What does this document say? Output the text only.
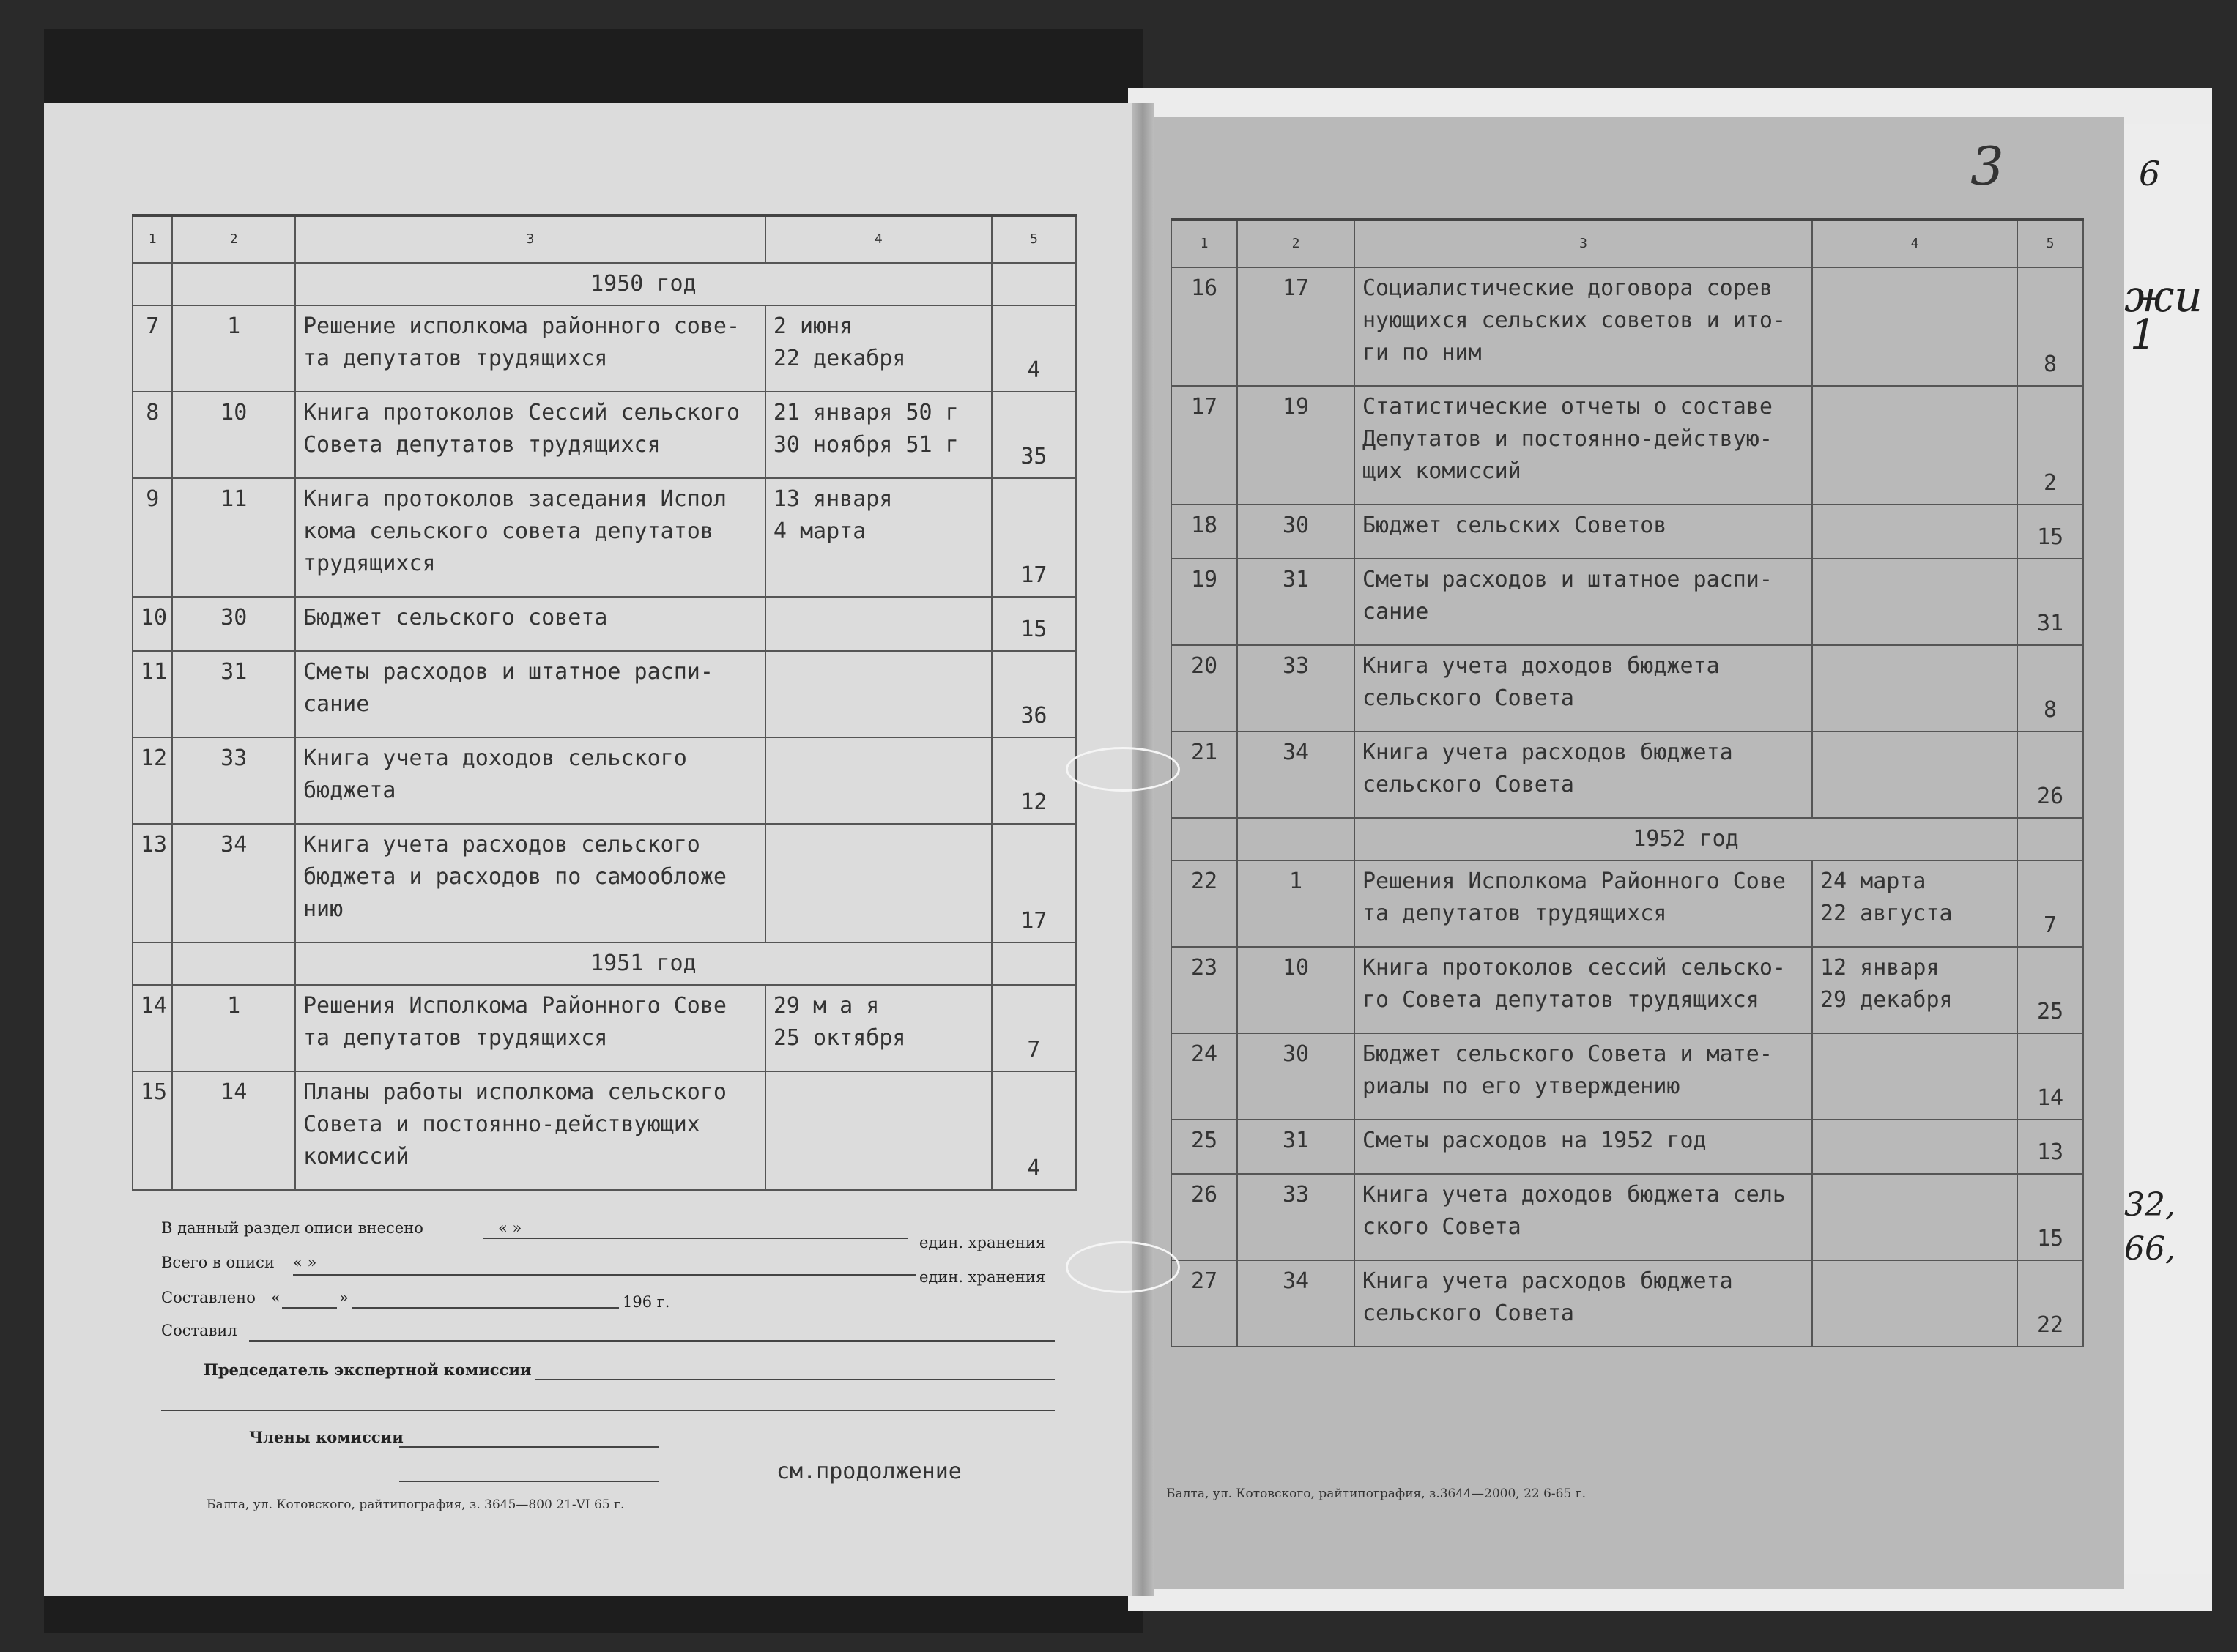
6
жи
1
32,
66,
1	2	3	4	5
		1950 год		
7	1	Решение исполкома районного сове-
та депутатов трудящихся	2 июня
22 декабря	4
8	10	Книга протоколов Сессий сельского
Совета депутатов трудящихся	21 января 50 г
30 ноября 51 г	35
9	11	Книга протоколов заседания Испол
кома сельского совета депутатов
трудящихся	13 января
4 марта	17
10	30	Бюджет сельского совета		15
11	31	Сметы расходов и штатное распи-
сание		36
12	33	Книга учета доходов сельского
бюджета		12
13	34	Книга учета расходов сельского
бюджета и расходов по самообложе
нию		17
		1951 год		
14	1	Решения Исполкома Районного Сове
та депутатов трудящихся	29 м а я
25 октября	7
15	14	Планы работы исполкома сельского
Совета и постоянно-действующих
комиссий		4
1	2	3	4	5
16	17	Социалистические договора сорев
нующихся сельских советов и ито-
ги по ним		8
17	19	Статистические отчеты о составе
Депутатов и постоянно-действую-
щих комиссий		2
18	30	Бюджет сельских Советов		15
19	31	Сметы расходов и штатное распи-
сание		31
20	33	Книга учета доходов бюджета
сельского Совета		8
21	34	Книга учета расходов бюджета
сельского Совета		26
		1952 год		
22	1	Решения Исполкома Районного Сове
та депутатов трудящихся	24 марта
22 августа	7
23	10	Книга протоколов сессий сельско-
го Совета депутатов трудящихся	12 января
29 декабря	25
24	30	Бюджет сельского Совета и мате-
риалы по его утверждению		14
25	31	Сметы расходов на 1952 год		13
26	33	Книга учета доходов бюджета сель
ского Совета		15
27	34	Книга учета расходов бюджета
сельского Совета		22
3
В данный раздел описи внесено	« »
един. хранения
Всего в описи « »
един. хранения
Составлено «	»	196 г.
Составил
Председатель экспертной комиссии
Члены комиссии
см.продолжение
Балта, ул. Котовского, райтипография, з. 3645—800 21-VI 65 г.
Балта, ул. Котовского, райтипография, з.3644—2000, 22 6-65 г.
